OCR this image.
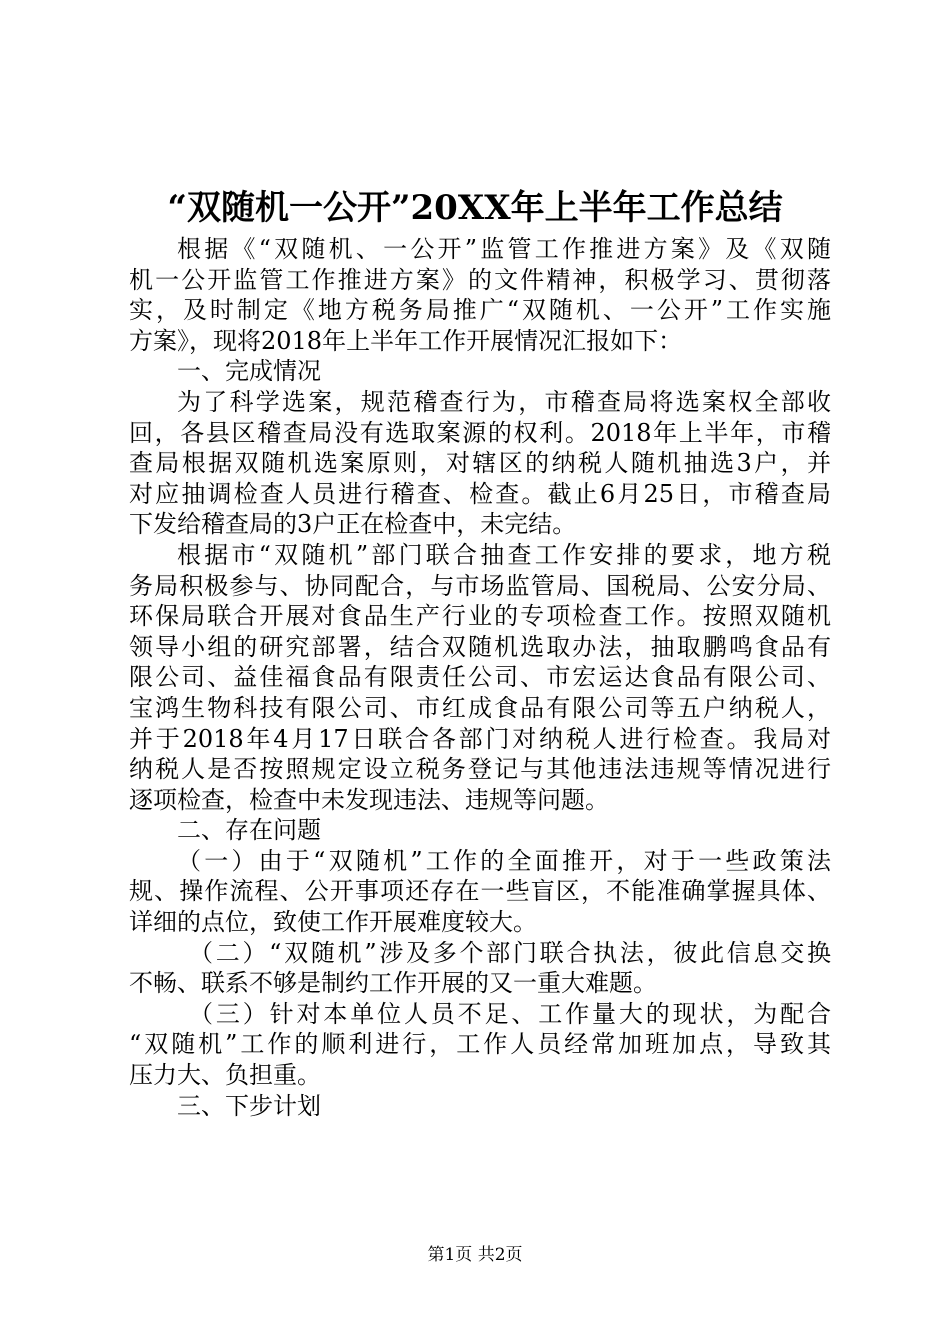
“双随机一公开”20XX年上半年工作总结
根据《“双随机、一公开”监管工作推进方案》及《双随
机一公开监管工作推进方案》的文件精神，积极学习、贯彻落
实，及时制定《地方税务局推广“双随机、一公开”工作实施
方案》，现将2018年上半年工作开展情况汇报如下：
一、完成情况
为了科学选案，规范稽查行为，市稽查局将选案权全部收
回，各县区稽查局没有选取案源的权利。2018年上半年，市稽
查局根据双随机选案原则，对辖区的纳税人随机抽选3户，并
对应抽调检查人员进行稽查、检查。截止6月25日，市稽查局
下发给稽查局的3户正在检查中，未完结。
根据市“双随机”部门联合抽查工作安排的要求，地方税
务局积极参与、协同配合，与市场监管局、国税局、公安分局、
环保局联合开展对食品生产行业的专项检查工作。按照双随机
领导小组的研究部署，结合双随机选取办法，抽取鹏鸣食品有
限公司、益佳福食品有限责任公司、市宏运达食品有限公司、
宝鸿生物科技有限公司、市红成食品有限公司等五户纳税人，
并于2018年4月17日联合各部门对纳税人进行检查。我局对
纳税人是否按照规定设立税务登记与其他违法违规等情况进行
逐项检查，检查中未发现违法、违规等问题。
二、存在问题
（一）由于“双随机”工作的全面推开，对于一些政策法
规、操作流程、公开事项还存在一些盲区，不能准确掌握具体、
详细的点位，致使工作开展难度较大。
（二）“双随机”涉及多个部门联合执法，彼此信息交换
不畅、联系不够是制约工作开展的又一重大难题。
（三）针对本单位人员不足、工作量大的现状，为配合
“双随机”工作的顺利进行，工作人员经常加班加点，导致其
压力大、负担重。
三、下步计划
第1页 共2页
